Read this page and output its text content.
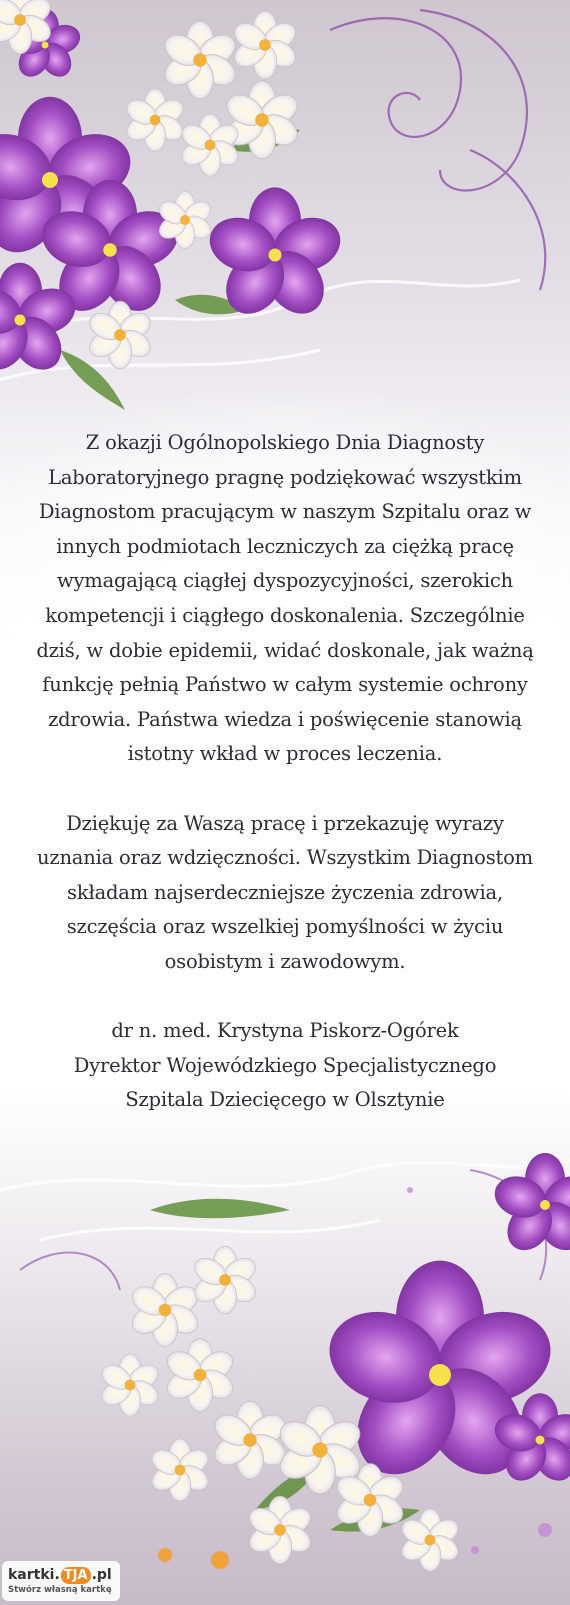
Z okazji Ogólnopolskiego Dnia Diagnosty Laboratoryjnego pragnę podziękować wszystkim Diagnostom pracującym w naszym Szpitalu oraz w innych podmiotach leczniczych za ciężką pracę wymagającą ciągłej dyspozycyjności, szerokich kompetencji i ciągłego doskonalenia. Szczególnie dziś, w dobie epidemii, widać doskonale, jak ważną funkcję pełnią Państwo w całym systemie ochrony zdrowia. Państwa wiedza i poświęcenie stanowią istotny wkład w proces leczenia.

Dziękuję za Waszą pracę i przekazuję wyrazy uznania oraz wdzięczności. Wszystkim Diagnostom składam najserdeczniejsze życzenia zdrowia, szczęścia oraz wszelkiej pomyślności w życiu osobistym i zawodowym.

dr n. med. Krystyna Piskorz-Ogórek

Dyrektor Wojewódzkiego Specjalistycznego

Szpitala Dziecięcego w Olsztynie

kartki. TJA .pl
Stwórz własną kartkę
